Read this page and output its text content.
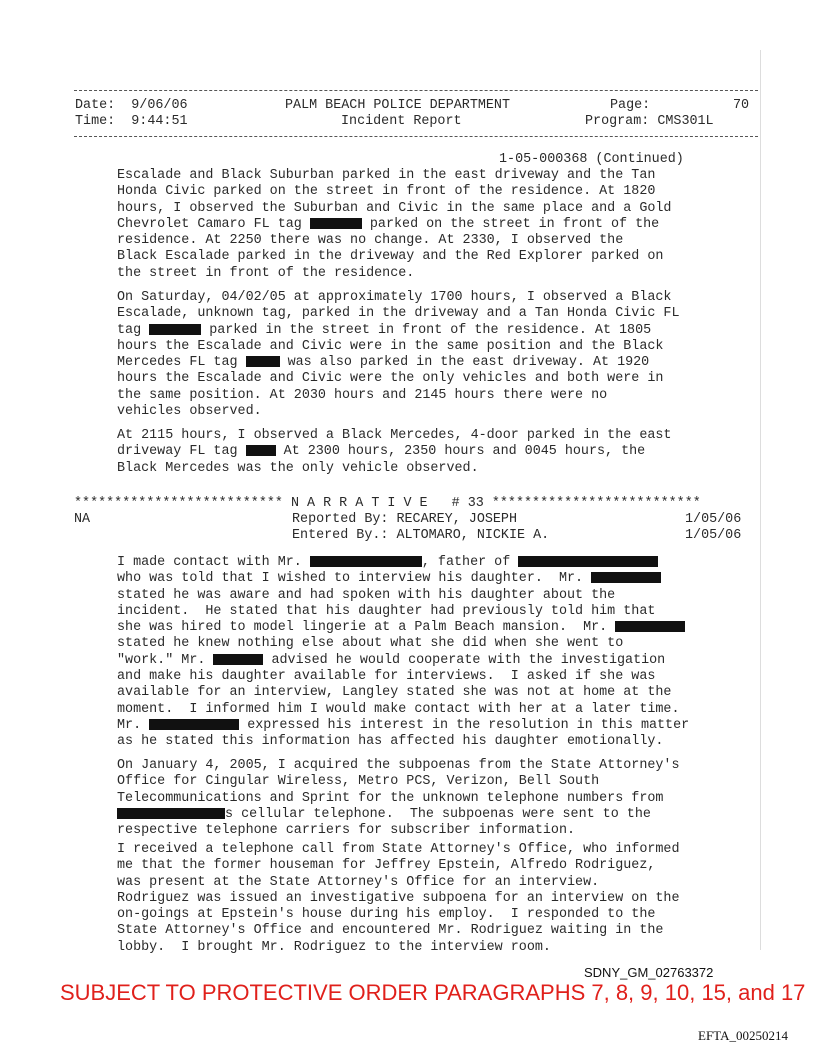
Date: 9/06/06
Time: 9:44:51
PALM BEACH POLICE DEPARTMENT
Incident Report
Page:	70
Program: CMS301L
1-05-000368 (Continued)
Escalade and Black Suburban parked in the east driveway and the Tan
Honda Civic parked on the street in front of the residence. At 1820
hours, I observed the Suburban and Civic in the same place and a Gold
Chevrolet Camaro FL tag	parked on the street in front of the
residence. At 2250 there was no change. At 2330, I observed the
Black Escalade parked in the driveway and the Red Explorer parked on
the street in front of the residence.
On Saturday, 04/02/05 at approximately 1700 hours, I observed a Black
Escalade, unknown tag, parked in the driveway and a Tan Honda Civic FL
tag	parked in the street in front of the residence. At 1805
hours the Escalade and Civic were in the same position and the Black
Mercedes FL tag	was also parked in the east driveway. At 1920
hours the Escalade and Civic were the only vehicles and both were in
the same position. At 2030 hours and 2145 hours there were no
vehicles observed.
At 2115 hours, I observed a Black Mercedes, 4-door parked in the east
driveway FL tag  At 2300 hours, 2350 hours and 0045 hours, the
Black Mercedes was the only vehicle observed.
************************** N A R R A T I V E   # 33 **************************
NA	Reported By: RECAREY, JOSEPH	1/05/06
Entered By.: ALTOMARO, NICKIE A.	1/05/06
I made contact with Mr.	, father of
who was told that I wished to interview his daughter.  Mr.
stated he was aware and had spoken with his daughter about the
incident.  He stated that his daughter had previously told him that
she was hired to model lingerie at a Palm Beach mansion.  Mr.
stated he knew nothing else about what she did when she went to
"work." Mr.	advised he would cooperate with the investigation
and make his daughter available for interviews.  I asked if she was
available for an interview, Langley stated she was not at home at the
moment.  I informed him I would make contact with her at a later time.
Mr.	expressed his interest in the resolution in this matter
as he stated this information has affected his daughter emotionally.
On January 4, 2005, I acquired the subpoenas from the State Attorney's
Office for Cingular Wireless, Metro PCS, Verizon, Bell South
Telecommunications and Sprint for the unknown telephone numbers from
s cellular telephone.  The subpoenas were sent to the
respective telephone carriers for subscriber information.
I received a telephone call from State Attorney's Office, who informed
me that the former houseman for Jeffrey Epstein, Alfredo Rodriguez,
was present at the State Attorney's Office for an interview.
Rodriguez was issued an investigative subpoena for an interview on the
on-goings at Epstein's house during his employ.  I responded to the
State Attorney's Office and encountered Mr. Rodriguez waiting in the
lobby.  I brought Mr. Rodriguez to the interview room.
SDNY_GM_02763372
SUBJECT TO PROTECTIVE ORDER PARAGRAPHS 7, 8, 9, 10, 15, and 17
EFTA_00250214
